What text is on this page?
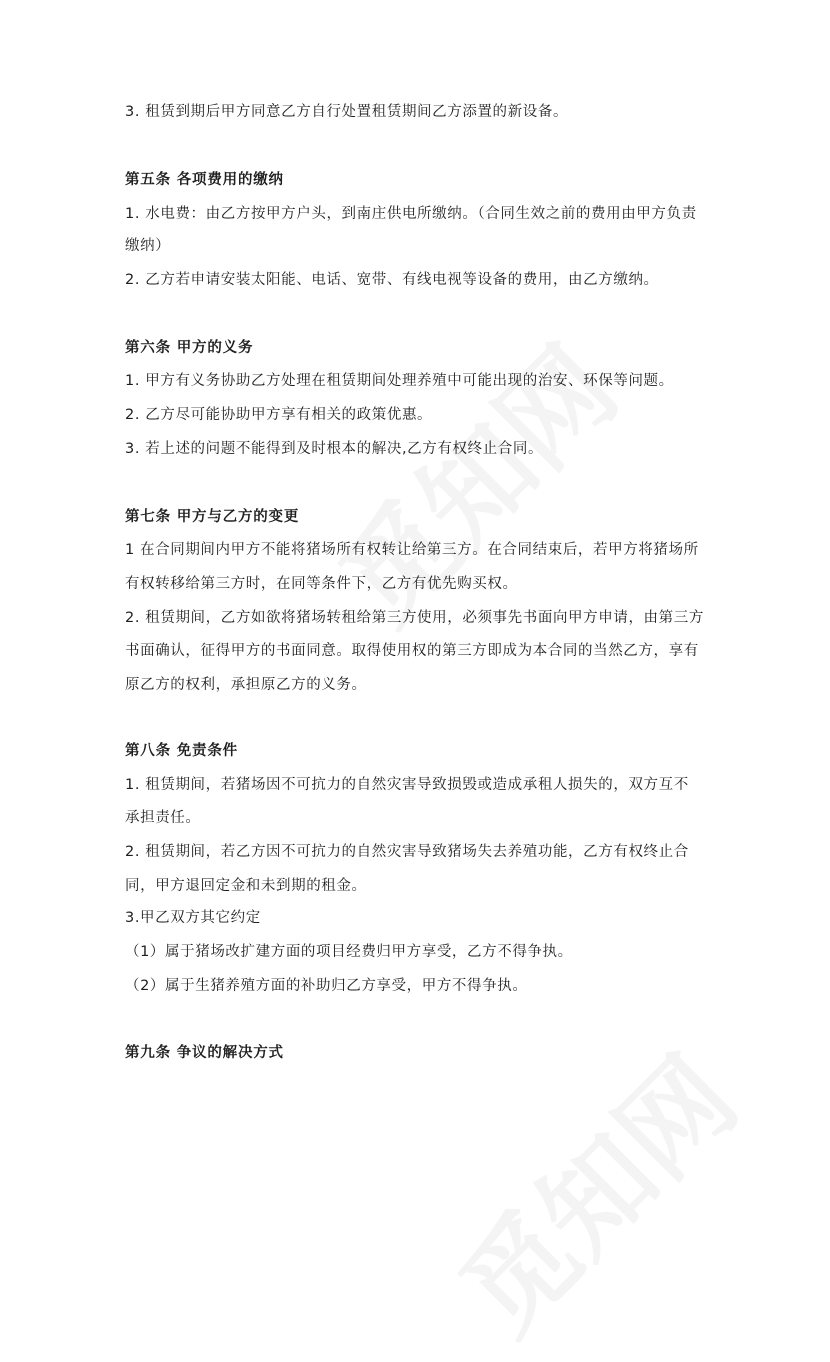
3. 租赁到期后甲方同意乙方自行处置租赁期间乙方添置的新设备。
第五条 各项费用的缴纳
1. 水电费：由乙方按甲方户头，到南庄供电所缴纳。（合同生效之前的费用由甲方负责
缴纳）
2. 乙方若申请安装太阳能、电话、宽带、有线电视等设备的费用，由乙方缴纳。
第六条 甲方的义务
1. 甲方有义务协助乙方处理在租赁期间处理养殖中可能出现的治安、环保等问题。
2. 乙方尽可能协助甲方享有相关的政策优惠。
3. 若上述的问题不能得到及时根本的解决,乙方有权终止合同。
第七条 甲方与乙方的变更
1 在合同期间内甲方不能将猪场所有权转让给第三方。在合同结束后，若甲方将猪场所
有权转移给第三方时，在同等条件下，乙方有优先购买权。
2. 租赁期间，乙方如欲将猪场转租给第三方使用，必须事先书面向甲方申请，由第三方
书面确认，征得甲方的书面同意。取得使用权的第三方即成为本合同的当然乙方，享有
原乙方的权利，承担原乙方的义务。
第八条 免责条件
1. 租赁期间，若猪场因不可抗力的自然灾害导致损毁或造成承租人损失的，双方互不
承担责任。
2. 租赁期间，若乙方因不可抗力的自然灾害导致猪场失去养殖功能，乙方有权终止合
同，甲方退回定金和未到期的租金。
3.甲乙双方其它约定
（1）属于猪场改扩建方面的项目经费归甲方享受，乙方不得争执。
（2）属于生猪养殖方面的补助归乙方享受，甲方不得争执。
第九条 争议的解决方式
